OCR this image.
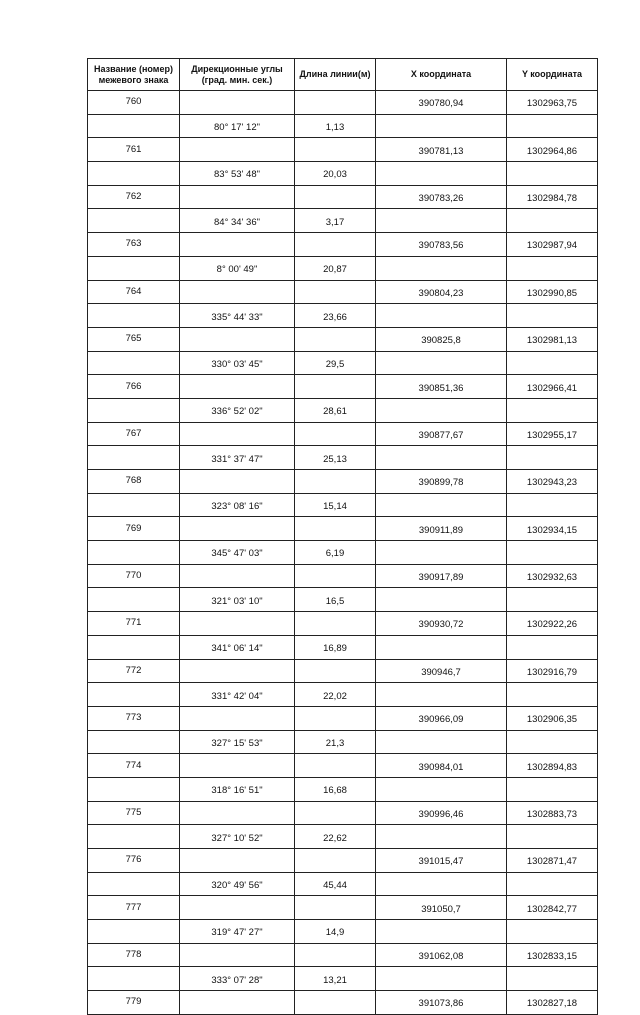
Название (номер) межевого знака	Дирекционные углы (град. мин. сек.)	Длина линии(м)	X координата	Y координата
760			390780,94	1302963,75
	80° 17' 12"	1,13		
761			390781,13	1302964,86
	83° 53' 48"	20,03		
762			390783,26	1302984,78
	84° 34' 36"	3,17		
763			390783,56	1302987,94
	8° 00' 49"	20,87		
764			390804,23	1302990,85
	335° 44' 33"	23,66		
765			390825,8	1302981,13
	330° 03' 45"	29,5		
766			390851,36	1302966,41
	336° 52' 02"	28,61		
767			390877,67	1302955,17
	331° 37' 47"	25,13		
768			390899,78	1302943,23
	323° 08' 16"	15,14		
769			390911,89	1302934,15
	345° 47' 03"	6,19		
770			390917,89	1302932,63
	321° 03' 10"	16,5		
771			390930,72	1302922,26
	341° 06' 14"	16,89		
772			390946,7	1302916,79
	331° 42' 04"	22,02		
773			390966,09	1302906,35
	327° 15' 53"	21,3		
774			390984,01	1302894,83
	318° 16' 51"	16,68		
775			390996,46	1302883,73
	327° 10' 52"	22,62		
776			391015,47	1302871,47
	320° 49' 56"	45,44		
777			391050,7	1302842,77
	319° 47' 27"	14,9		
778			391062,08	1302833,15
	333° 07' 28"	13,21		
779			391073,86	1302827,18
